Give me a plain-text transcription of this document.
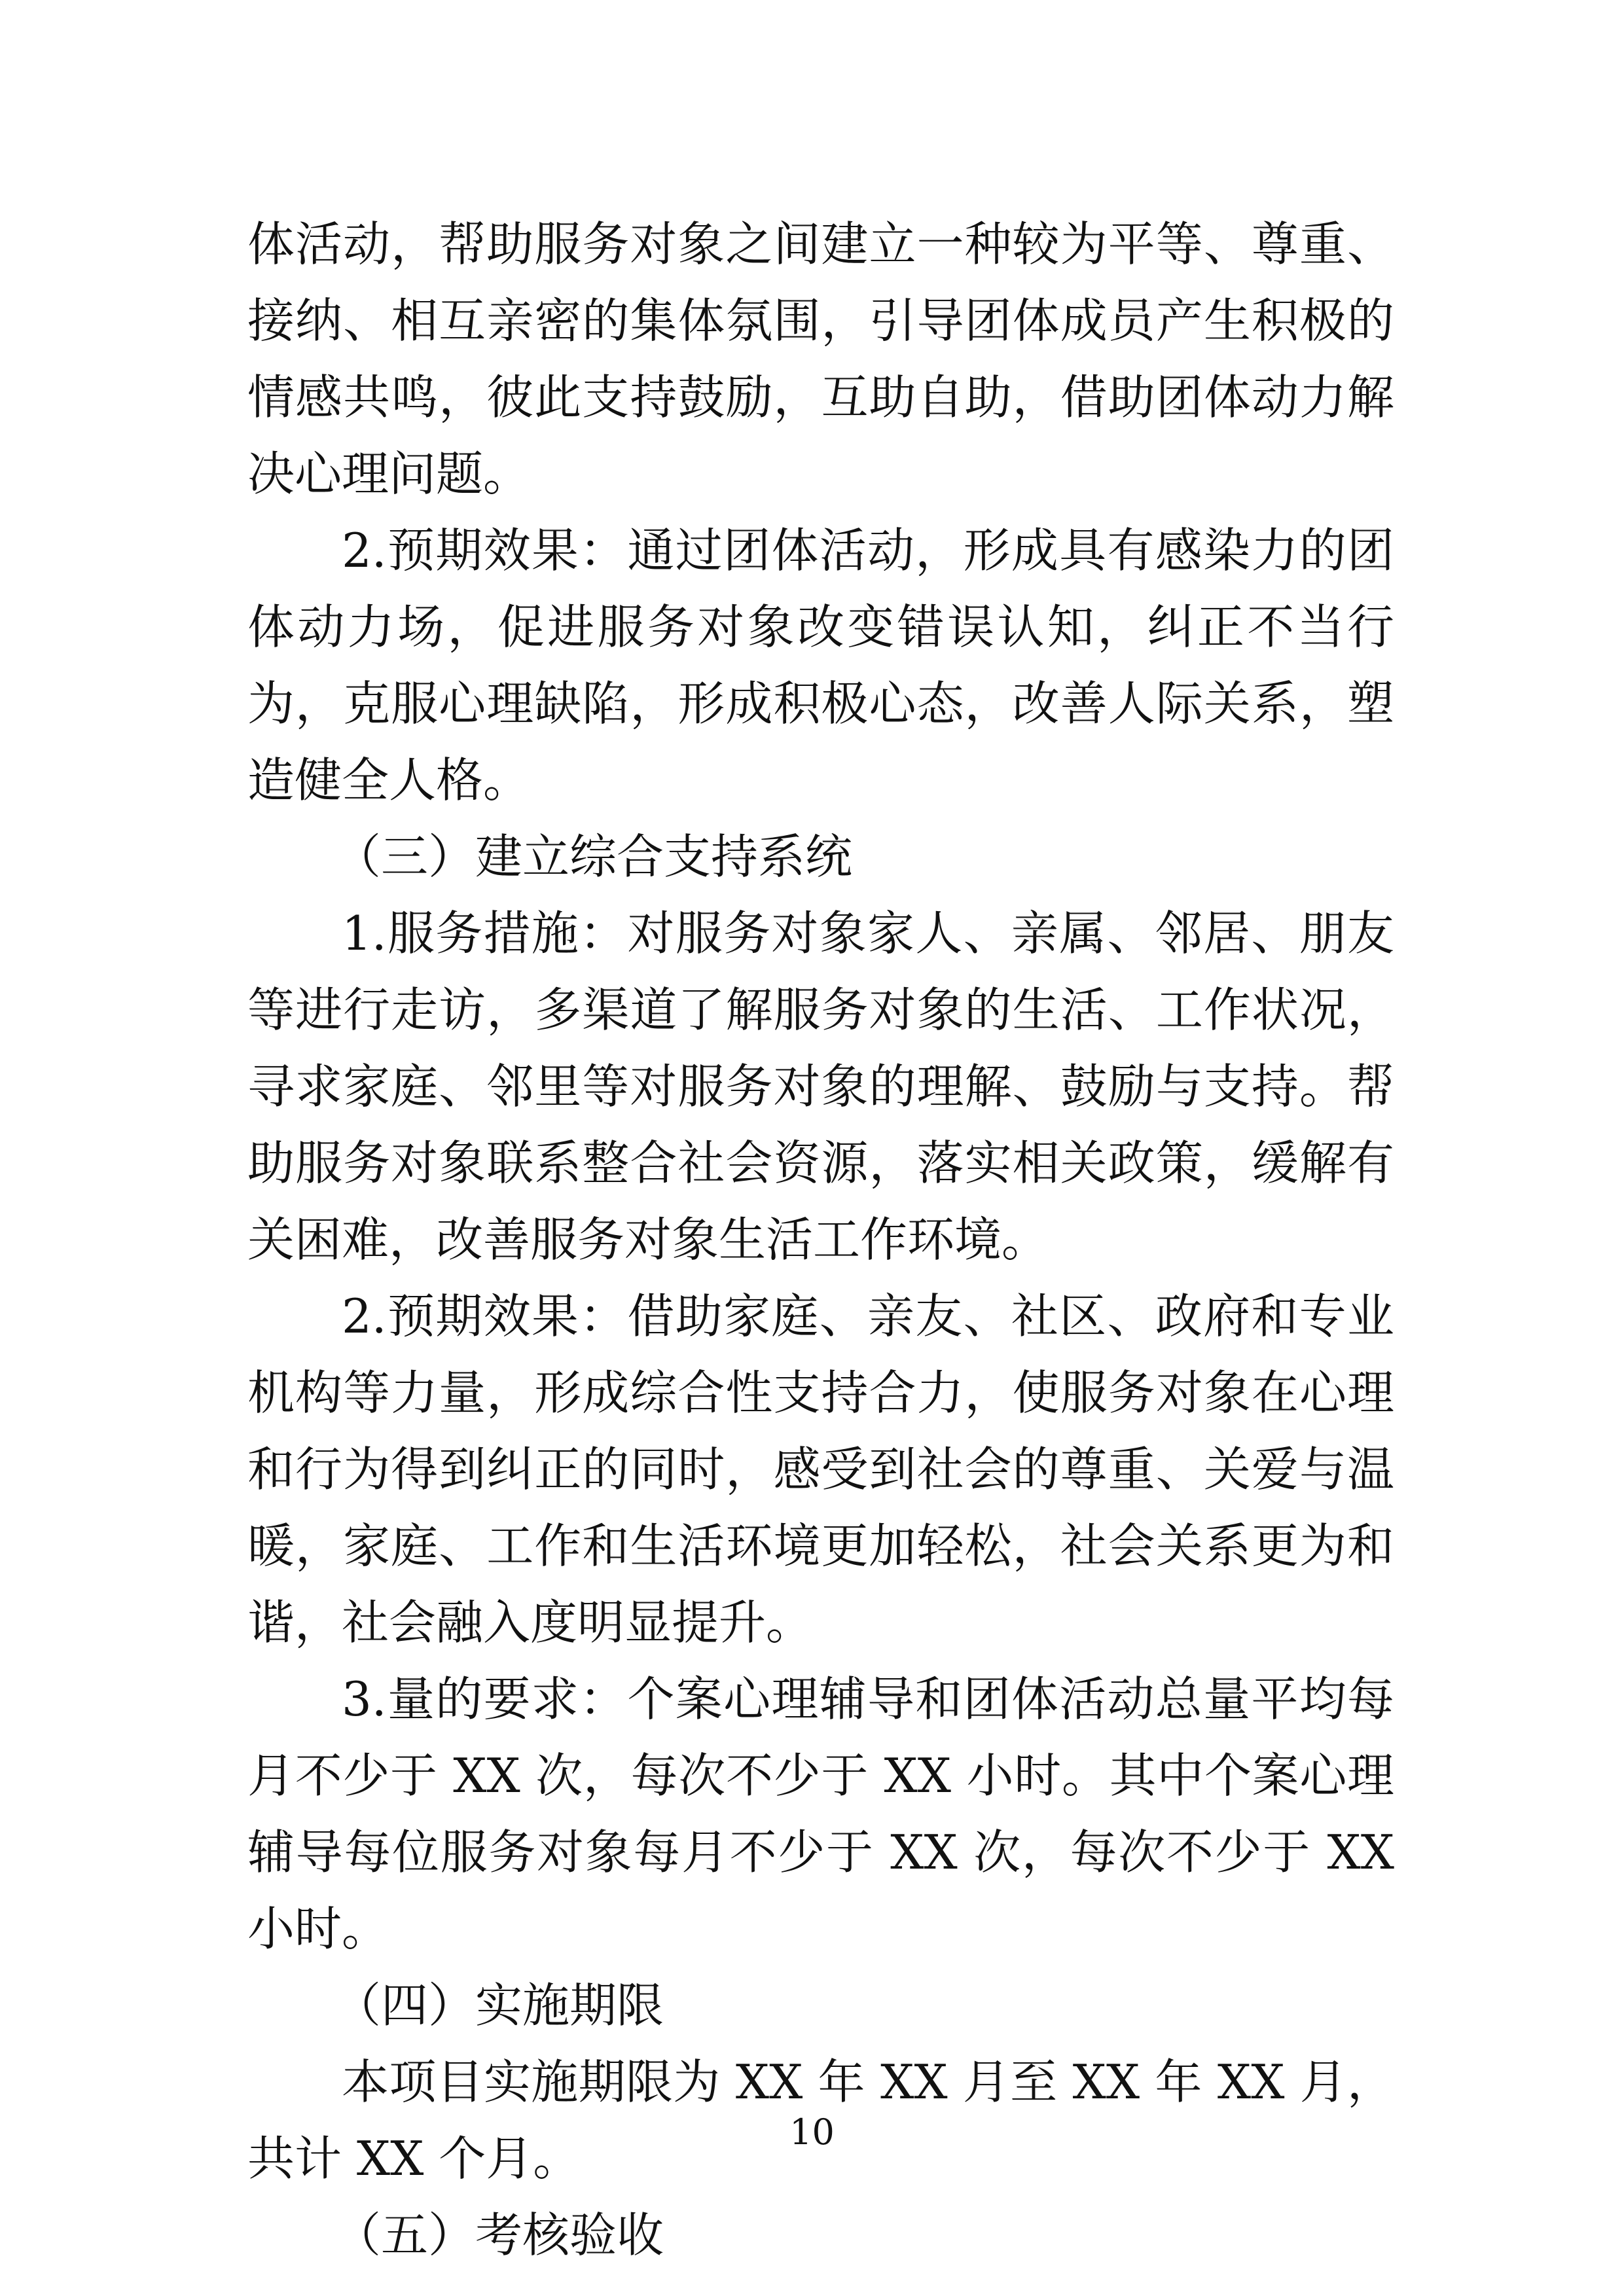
体活动，帮助服务对象之间建立一种较为平等、尊重、接纳、相互亲密的集体氛围，引导团体成员产生积极的情感共鸣，彼此支持鼓励，互助自助，借助团体动力解决心理问题。

2.预期效果：通过团体活动，形成具有感染力的团体动力场，促进服务对象改变错误认知，纠正不当行为，克服心理缺陷，形成积极心态，改善人际关系，塑造健全人格。

（三）建立综合支持系统

1.服务措施：对服务对象家人、亲属、邻居、朋友等进行走访，多渠道了解服务对象的生活、工作状况，寻求家庭、邻里等对服务对象的理解、鼓励与支持。帮助服务对象联系整合社会资源，落实相关政策，缓解有关困难，改善服务对象生活工作环境。

2.预期效果：借助家庭、亲友、社区、政府和专业机构等力量，形成综合性支持合力，使服务对象在心理和行为得到纠正的同时，感受到社会的尊重、关爱与温暖，家庭、工作和生活环境更加轻松，社会关系更为和谐，社会融入度明显提升。

3.量的要求：个案心理辅导和团体活动总量平均每月不少于 XX 次，每次不少于 XX 小时。其中个案心理辅导每位服务对象每月不少于 XX 次，每次不少于 XX 小时。

（四）实施期限

本项目实施期限为 XX 年 XX 月至 XX 年 XX 月，共计 XX 个月。

（五）考核验收

10
